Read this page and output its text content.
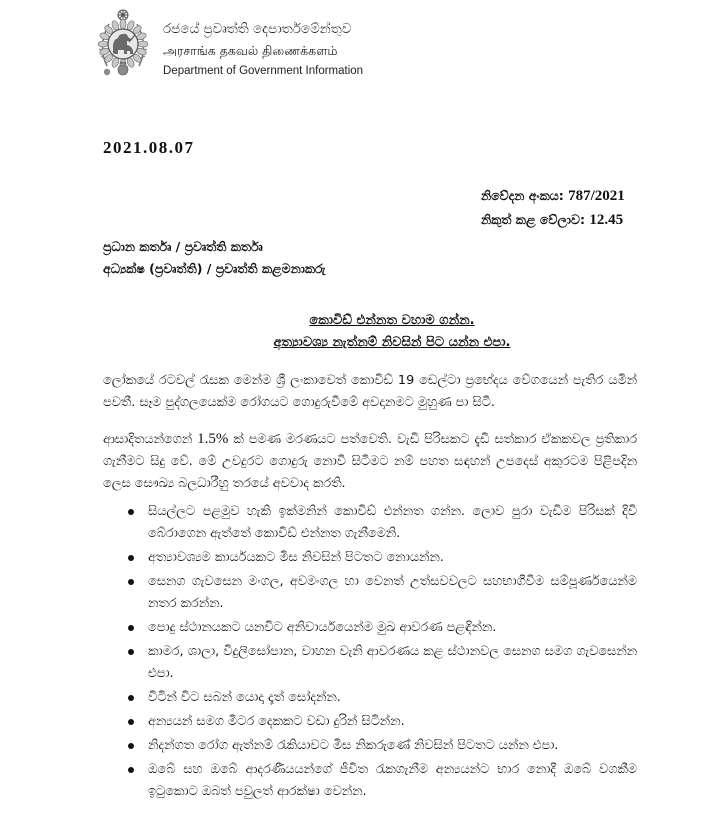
රජයේ ප්‍රවෘත්ති දෙපාර්තමේන්තුව
அரசாங்க தகவல் திணைக்களம்
Department of Government Information
2021.08.07
නිවේදන අංකය: 787/2021
නිකුත් කළ වේලාව: 12.45
ප්‍රධාන කර්තෘ / ප්‍රවෘත්ති කර්තෘ
අධ්‍යක්ෂ (ප්‍රවෘත්ති) / ප්‍රවෘත්ති කළමනාකරු
කොවිඩ් එන්නත වහාම ගන්න.
අත්‍යාවශ්‍ය නැත්නම් නිවසින් පිට යන්න එපා.

ලෝකයේ රටවල් රැසක මෙන්ම ශ්‍රී ලංකාවෙත් කොවිඩ් 19 ඩෙල්ටා ප්‍රභේදය වේගයෙන් පැතිර යමින් පවතී. සෑම පුද්ගලයෙක්ම රෝගයට ගොදුරුවීමේ අවදානමට මුහුණ පා සිටී.

ආසාදිතයන්ගෙන් 1.5% ක් පමණ මරණයට පත්වෙති. වැඩි පිරිසකට දැඩි සත්කාර ඒකකවල ප්‍රතිකාර ගැනීමට සිදු වේ. මේ උවදුරට ගොදුරු නොවී සිටීමට නම් පහත සඳහන් උපදෙස් අකුරටම පිළිපදින ලෙස සෞඛ්‍ය බලධාරීහු තරයේ අවවාද කරති.

සියල්ලට පළමුව හැකි ඉක්මනින් කොවිඩ් එන්නත ගන්න. ලොව පුරා වැඩිම පිරිසක් දිවි බේරාගෙන ඇත්තේ කොවිඩ් එන්නත ගැනීමෙනි.
අත්‍යාවශ්‍යම කාර්යයකට මිස නිවසින් පිටතට නොයන්න.
සෙනග ගැවසෙන මංගල, අවමංගල හා වෙනත් උත්සවවලට සහභාගීවීම සම්පූර්ණයෙන්ම නතර කරන්න.
පොදු ස්ථානයකට යනවිට අනිවාර්යයෙන්ම මුඛ ආවරණ පළඳින්න.
කාමර, ශාලා, විදුලිසෝපාන, වාහන වැනි ආවරණය කළ ස්ථානවල සෙනග සමග ගැවසෙන්න එපා.
විටින් විට සබන් යොදා දෑත් සෝදන්න.
අන්‍යයන් සමග මීටර දෙකකට වඩා දුරින් සිටින්න.
නිදන්ගත රෝග ඇත්නම් රැකියාවට මිස නිකරුණේ නිවසින් පිටතට යන්න එපා.
ඔබේ සහ ඔබේ ආදරණීයයන්ගේ ජීවිත රැකගැනීම අන්‍යයන්ට භාර නොදී ඔබේ වගකීම ඉටුකොට ඔබත් පවුලත් ආරක්ෂා වෙන්න.
